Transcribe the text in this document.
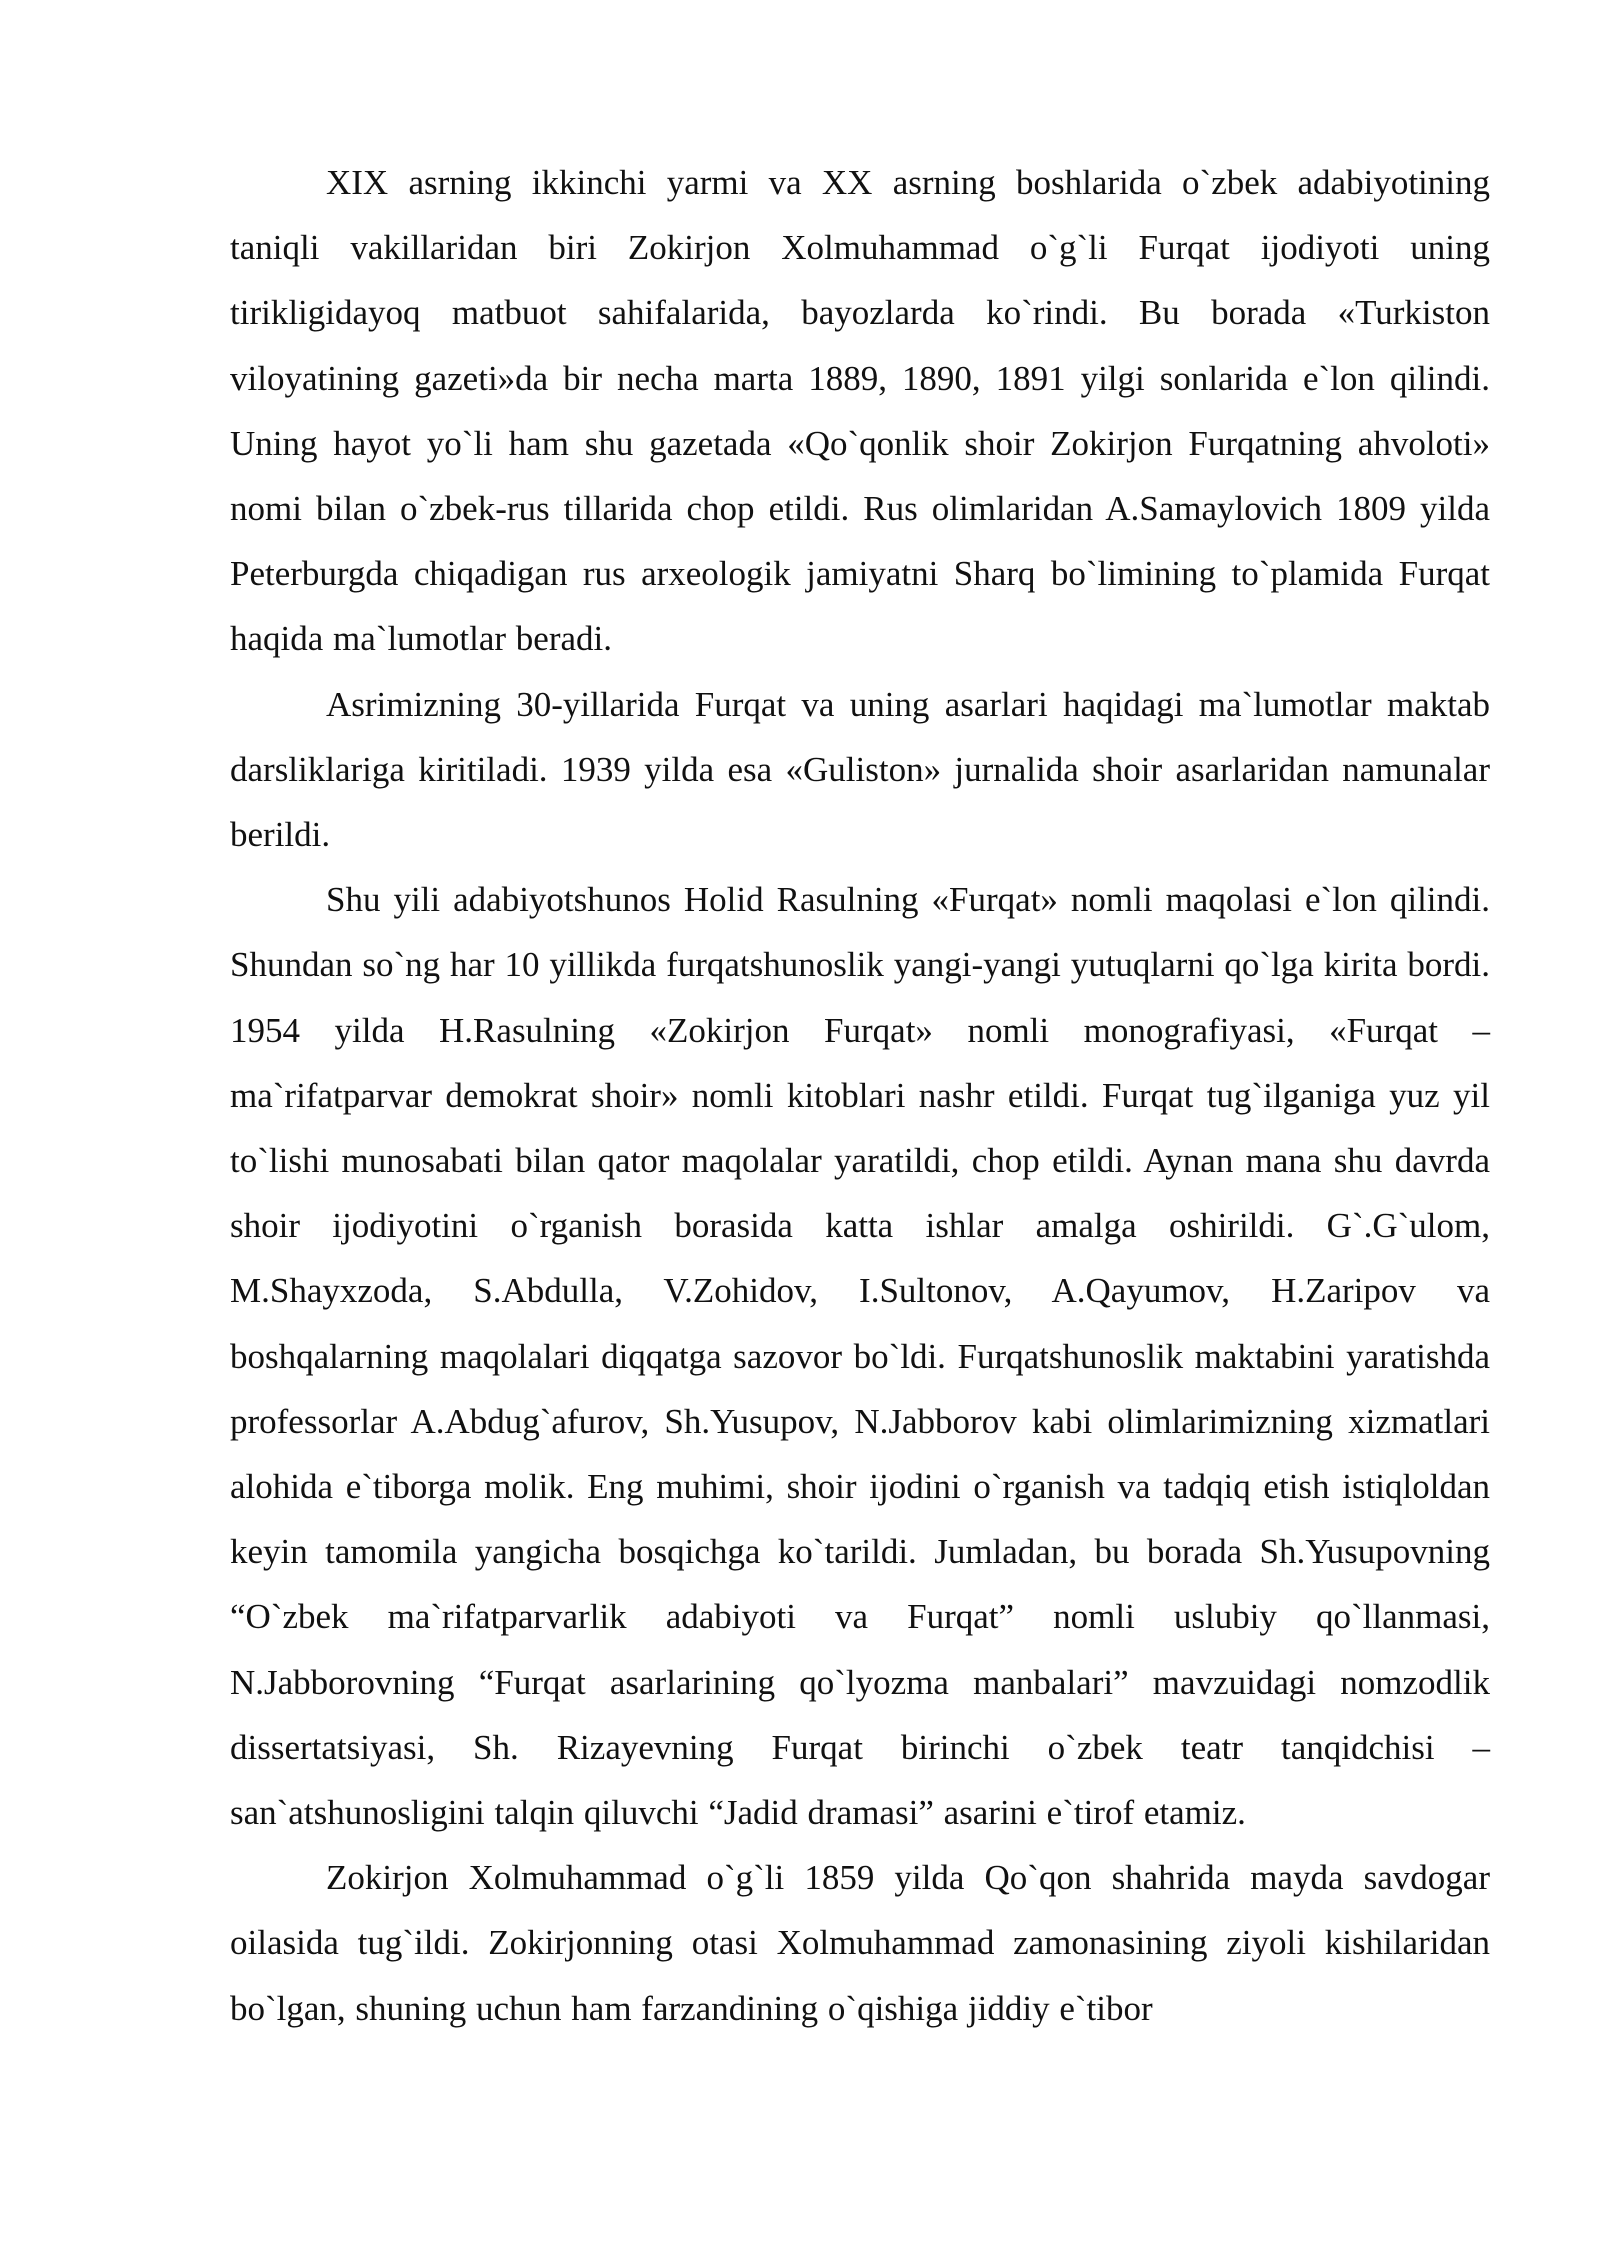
XIX asrning ikkinchi yarmi va XX asrning boshlarida o`zbek adabiyotining taniqli vakillaridan biri Zokirjon Xolmuhammad o`g`li Furqat ijodiyoti uning tirikligidayoq matbuot sahifalarida, bayozlarda ko`rindi. Bu borada «Turkiston viloyatining gazeti»da bir necha marta 1889, 1890, 1891 yilgi sonlarida e`lon qilindi. Uning hayot yo`li ham shu gazetada «Qo`qonlik shoir Zokirjon Furqatning ahvoloti» nomi bilan o`zbek-rus tillarida chop etildi. Rus olimlaridan A.Samaylovich 1809 yilda Peterburgda chiqadigan rus arxeologik jamiyatni Sharq bo`limining to`plamida Furqat haqida ma`lumotlar beradi.

Asrimizning 30-yillarida Furqat va uning asarlari haqidagi ma`lumotlar maktab darsliklariga kiritiladi. 1939 yilda esa «Guliston» jurnalida shoir asarlaridan namunalar berildi.

Shu yili adabiyotshunos Holid Rasulning «Furqat» nomli maqolasi e`lon qilindi. Shundan so`ng har 10 yillikda furqatshunoslik yangi-yangi yutuqlarni qo`lga kirita bordi. 1954 yilda H.Rasulning «Zokirjon Furqat» nomli monografiyasi, «Furqat – ma`rifatparvar demokrat shoir» nomli kitoblari nashr etildi. Furqat tug`ilganiga yuz yil to`lishi munosabati bilan qator maqolalar yaratildi, chop etildi. Aynan mana shu davrda shoir ijodiyotini o`rganish borasida katta ishlar amalga oshirildi. G`.G`ulom, M.Shayxzoda, S.Abdulla, V.Zohidov, I.Sultonov, A.Qayumov, H.Zaripov va boshqalarning maqolalari diqqatga sazovor bo`ldi. Furqatshunoslik maktabini yaratishda professorlar A.Abdug`afurov, Sh.Yusupov, N.Jabborov kabi olimlarimizning xizmatlari alohida e`tiborga molik. Eng muhimi, shoir ijodini o`rganish va tadqiq etish istiqloldan keyin tamomila yangicha bosqichga ko`tarildi. Jumladan, bu borada Sh.Yusupovning “O`zbek ma`rifatparvarlik adabiyoti va Furqat” nomli uslubiy qo`llanmasi, N.Jabborovning “Furqat asarlarining qo`lyozma manbalari” mavzuidagi nomzodlik dissertatsiyasi, Sh. Rizayevning Furqat birinchi o`zbek teatr tanqidchisi – san`atshunosligini talqin qiluvchi “Jadid dramasi” asarini e`tirof etamiz.

Zokirjon Xolmuhammad o`g`li 1859 yilda Qo`qon shahrida mayda savdogar oilasida tug`ildi. Zokirjonning otasi Xolmuhammad zamonasining ziyoli kishilaridan bo`lgan, shuning uchun ham farzandining o`qishiga jiddiy e`tibor
